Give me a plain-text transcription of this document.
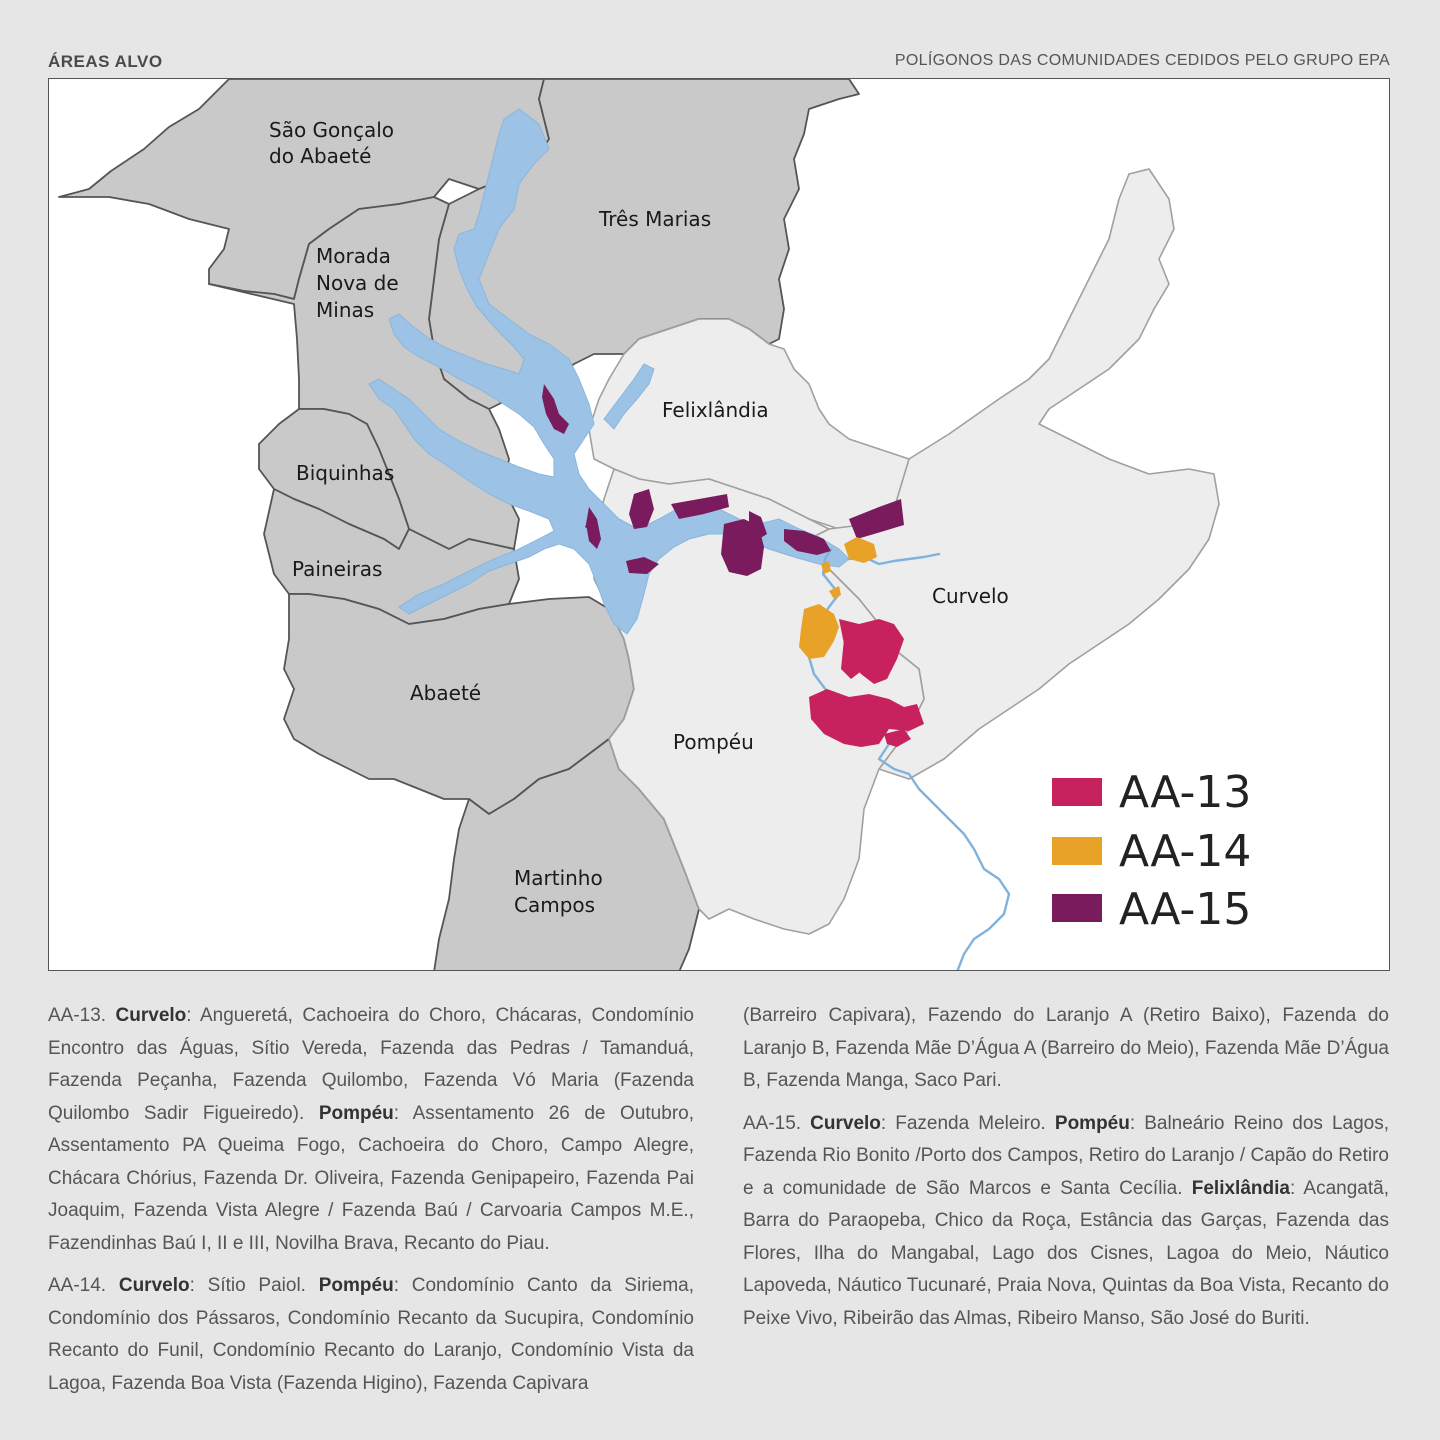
ÁREAS ALVO	POLÍGONOS DAS COMUNIDADES CEDIDOS PELO GRUPO EPA
São Gonçalo
do Abaeté
Três Marias
Morada
Nova de
Minas
Felixlândia
Biquinhas
Paineiras
Curvelo
Abaeté
Pompéu
Martinho
Campos
AA-13
AA-14
AA-15

AA-13. Curvelo: Anguеretá, Cachoeira do Choro, Chácaras, Condomínio Encontro das Águas, Sítio Vereda, Fazenda das Pedras / Tamanduá, Fazenda Peçanha, Fazenda Quilombo, Fazenda Vó Maria (Fazenda Quilombo Sadir Figueiredo). Pompéu: Assentamento 26 de Outubro, Assentamento PA Queima Fogo, Cachoeira do Choro, Campo Alegre, Chácara Chórius, Fazenda Dr. Oliveira, Fazenda Genipapeiro, Fazenda Pai Joaquim, Fazenda Vista Alegre / Fazenda Baú / Carvoaria Campos M.E., Fazendinhas Baú I, II e III, Novilha Brava, Recanto do Piau.

AA-14. Curvelo: Sítio Paiol. Pompéu: Condomínio Canto da Siriema, Condomínio dos Pássaros, Condomínio Recanto da Sucupira, Condomínio Recanto do Funil, Condomínio Recanto do Laranjo, Condomínio Vista da Lagoa, Fazenda Boa Vista (Fazenda Higino), Fazenda Capivara

(Barreiro Capivara), Fazendo do Laranjo A (Retiro Baixo), Fazenda do Laranjo B, Fazenda Mãe D’Água A (Barreiro do Meio), Fazenda Mãe D’Água B, Fazenda Manga, Saco Pari.

AA-15. Curvelo: Fazenda Meleiro. Pompéu: Balneário Reino dos Lagos, Fazenda Rio Bonito /Porto dos Campos, Retiro do Laranjo / Capão do Retiro e a comunidade de São Marcos e Santa Cecília. Felixlândia: Acangatã, Barra do Paraopeba, Chico da Roça, Estância das Garças, Fazenda das Flores, Ilha do Mangabal, Lago dos Cisnes, Lagoa do Meio, Náutico Lapoveda, Náutico Tucunaré, Praia Nova, Quintas da Boa Vista, Recanto do Peixe Vivo, Ribeirão das Almas, Ribeiro Manso, São José do Buriti.
